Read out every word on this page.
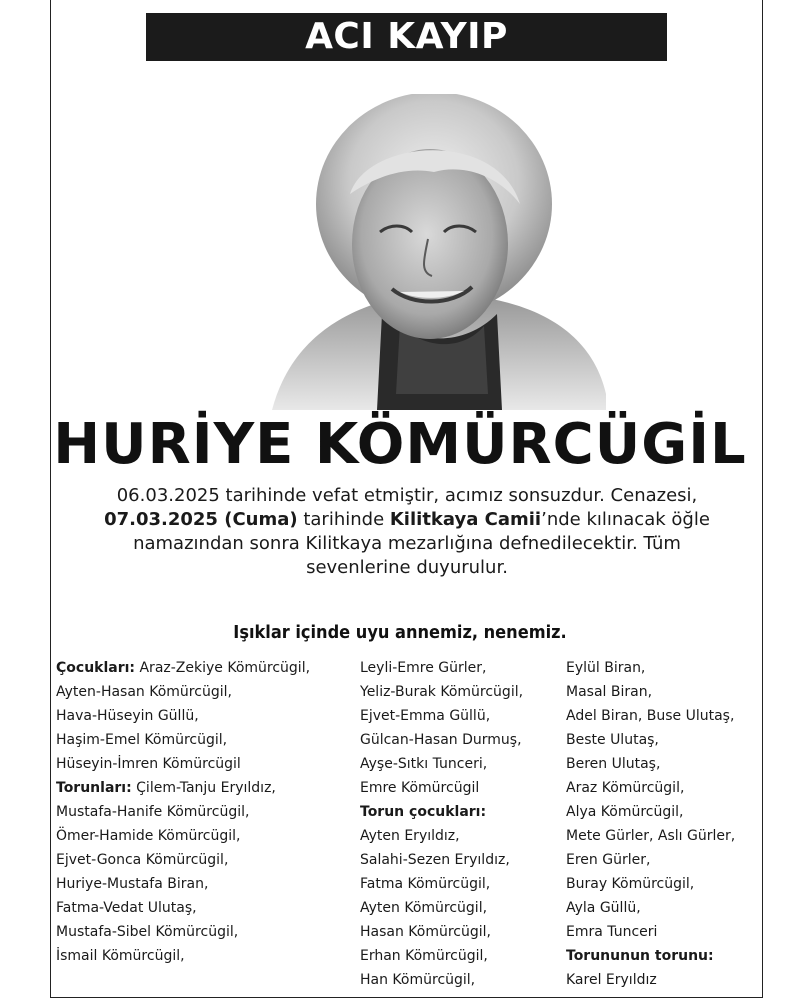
ACI KAYIP
HURİYE KÖMÜRCÜGİL
06.03.2025 tarihinde vefat etmiştir, acımız sonsuzdur. Cenazesi,
07.03.2025 (Cuma) tarihinde Kilitkaya Camii’nde kılınacak öğle
namazından sonra Kilitkaya mezarlığına defnedilecektir. Tüm
sevenlerine duyurulur.
Işıklar içinde uyu annemiz, nenemiz.
Çocukları: Araz-Zekiye Kömürcügil,
Ayten-Hasan Kömürcügil,
Hava-Hüseyin Güllü,
Haşim-Emel Kömürcügil,
Hüseyin-İmren Kömürcügil
Torunları: Çilem-Tanju Eryıldız,
Mustafa-Hanife Kömürcügil,
Ömer-Hamide Kömürcügil,
Ejvet-Gonca Kömürcügil,
Huriye-Mustafa Biran,
Fatma-Vedat Ulutaş,
Mustafa-Sibel Kömürcügil,
İsmail Kömürcügil,
Leyli-Emre Gürler,
Yeliz-Burak Kömürcügil,
Ejvet-Emma Güllü,
Gülcan-Hasan Durmuş,
Ayşe-Sıtkı Tunceri,
Emre Kömürcügil
Torun çocukları:
Ayten Eryıldız,
Salahi-Sezen Eryıldız,
Fatma Kömürcügil,
Ayten Kömürcügil,
Hasan Kömürcügil,
Erhan Kömürcügil,
Han Kömürcügil,
Eylül Biran,
Masal Biran,
Adel Biran, Buse Ulutaş,
Beste Ulutaş,
Beren Ulutaş,
Araz Kömürcügil,
Alya Kömürcügil,
Mete Gürler, Aslı Gürler,
Eren Gürler,
Buray Kömürcügil,
Ayla Güllü,
Emra Tunceri
Torununun torunu:
Karel Eryıldız
